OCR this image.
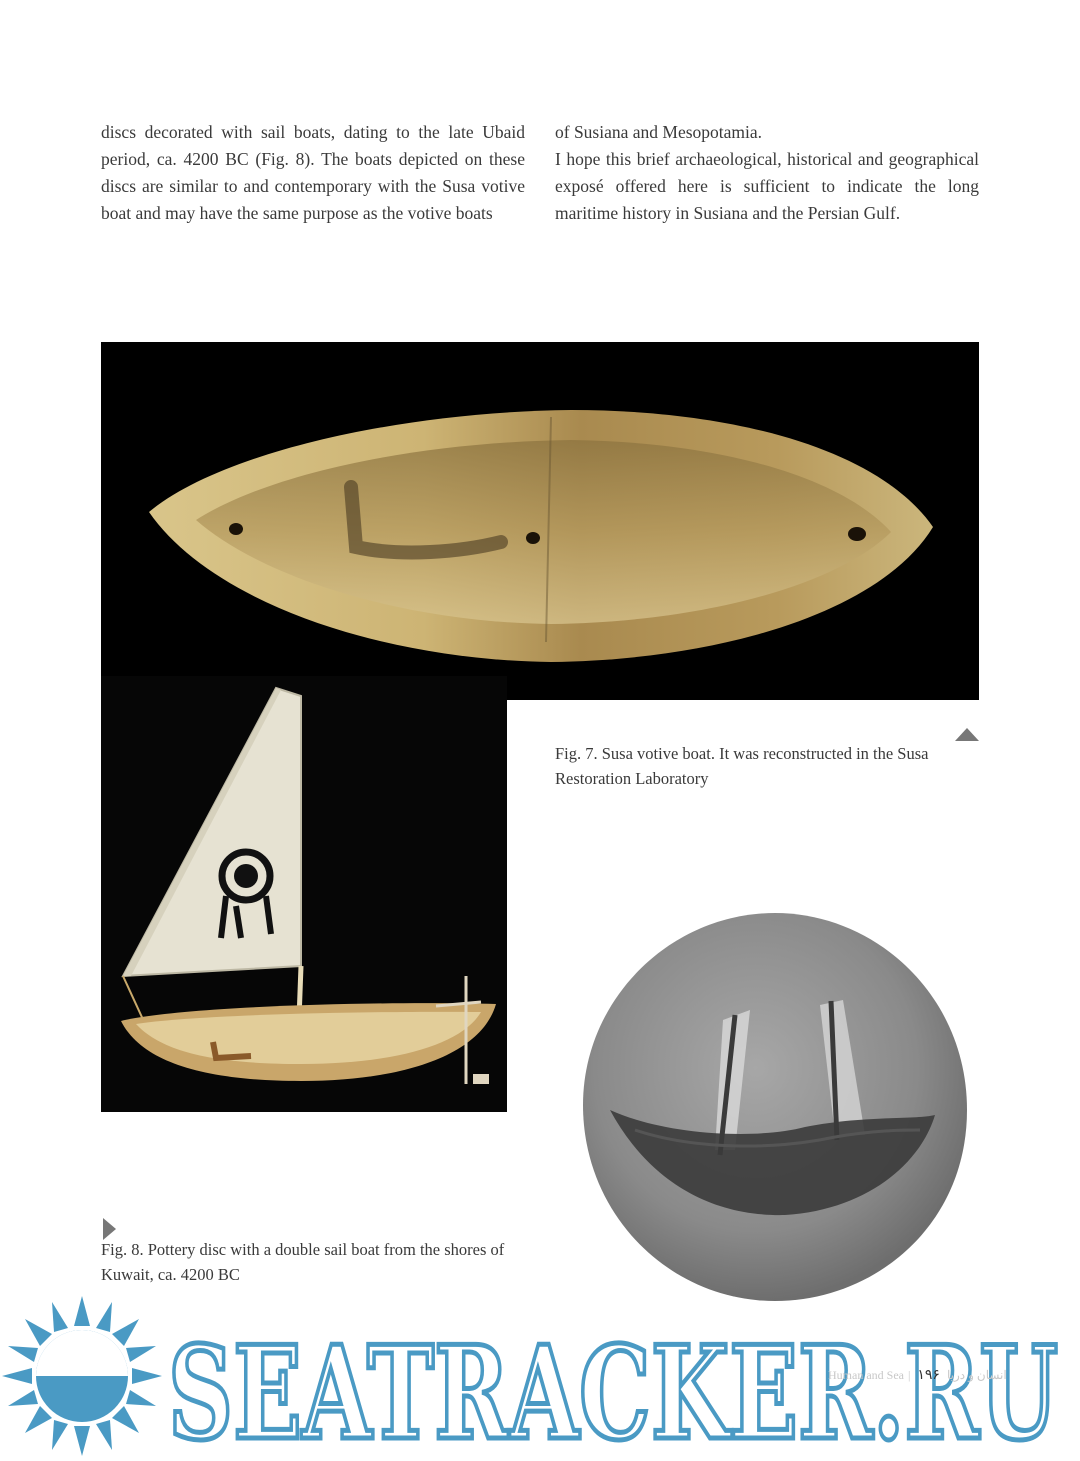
discs decorated with sail boats, dating to the late Ubaid period, ca. 4200 BC (Fig. 8). The boats depicted on these discs are similar to and contemporary with the Susa votive boat and may have the same purpose as the votive boats

of Susiana and Mesopotamia.

I hope this brief archaeological, historical and geographical exposé offered here is sufficient to indicate the long maritime history in Susiana and the Persian Gulf.

Fig. 7. Susa votive boat. It was reconstructed in the Susa Restoration Laboratory
Fig. 8. Pottery disc with a double sail boat from the shores of Kuwait, ca. 4200 BC
SEATRACKER.RU
Human and Sea |	انسان و دریا ۱۹۶
